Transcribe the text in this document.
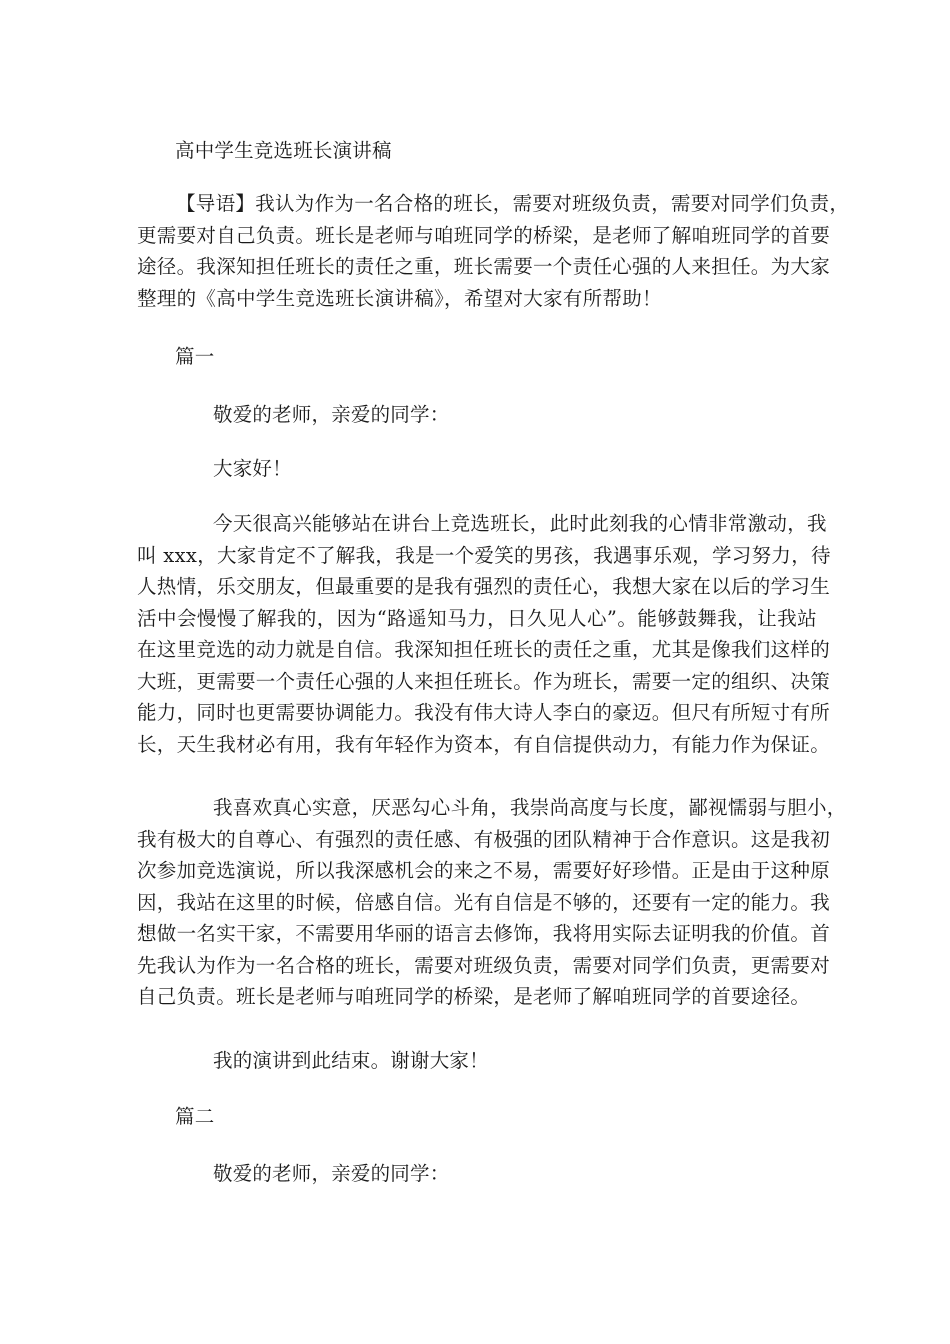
高中学生竞选班长演讲稿
【导语】我认为作为一名合格的班长，需要对班级负责，需要对同学们负责，
更需要对自己负责。班长是老师与咱班同学的桥梁，是老师了解咱班同学的首要
途径。我深知担任班长的责任之重，班长需要一个责任心强的人来担任。为大家
整理的《高中学生竞选班长演讲稿》，希望对大家有所帮助！
篇一
敬爱的老师，亲爱的同学：
大家好！
今天很高兴能够站在讲台上竞选班长，此时此刻我的心情非常激动，我
叫 xxx，大家肯定不了解我，我是一个爱笑的男孩，我遇事乐观，学习努力，待
人热情，乐交朋友，但最重要的是我有强烈的责任心，我想大家在以后的学习生
活中会慢慢了解我的，因为“路遥知马力，日久见人心”。能够鼓舞我，让我站
在这里竞选的动力就是自信。我深知担任班长的责任之重，尤其是像我们这样的
大班，更需要一个责任心强的人来担任班长。作为班长，需要一定的组织、决策
能力，同时也更需要协调能力。我没有伟大诗人李白的豪迈。但尺有所短寸有所
长，天生我材必有用，我有年轻作为资本，有自信提供动力，有能力作为保证。
我喜欢真心实意，厌恶勾心斗角，我崇尚高度与长度，鄙视懦弱与胆小，
我有极大的自尊心、有强烈的责任感、有极强的团队精神于合作意识。这是我初
次参加竞选演说，所以我深感机会的来之不易，需要好好珍惜。正是由于这种原
因，我站在这里的时候，倍感自信。光有自信是不够的，还要有一定的能力。我
想做一名实干家，不需要用华丽的语言去修饰，我将用实际去证明我的价值。首
先我认为作为一名合格的班长，需要对班级负责，需要对同学们负责，更需要对
自己负责。班长是老师与咱班同学的桥梁，是老师了解咱班同学的首要途径。
我的演讲到此结束。谢谢大家！
篇二
敬爱的老师，亲爱的同学：
